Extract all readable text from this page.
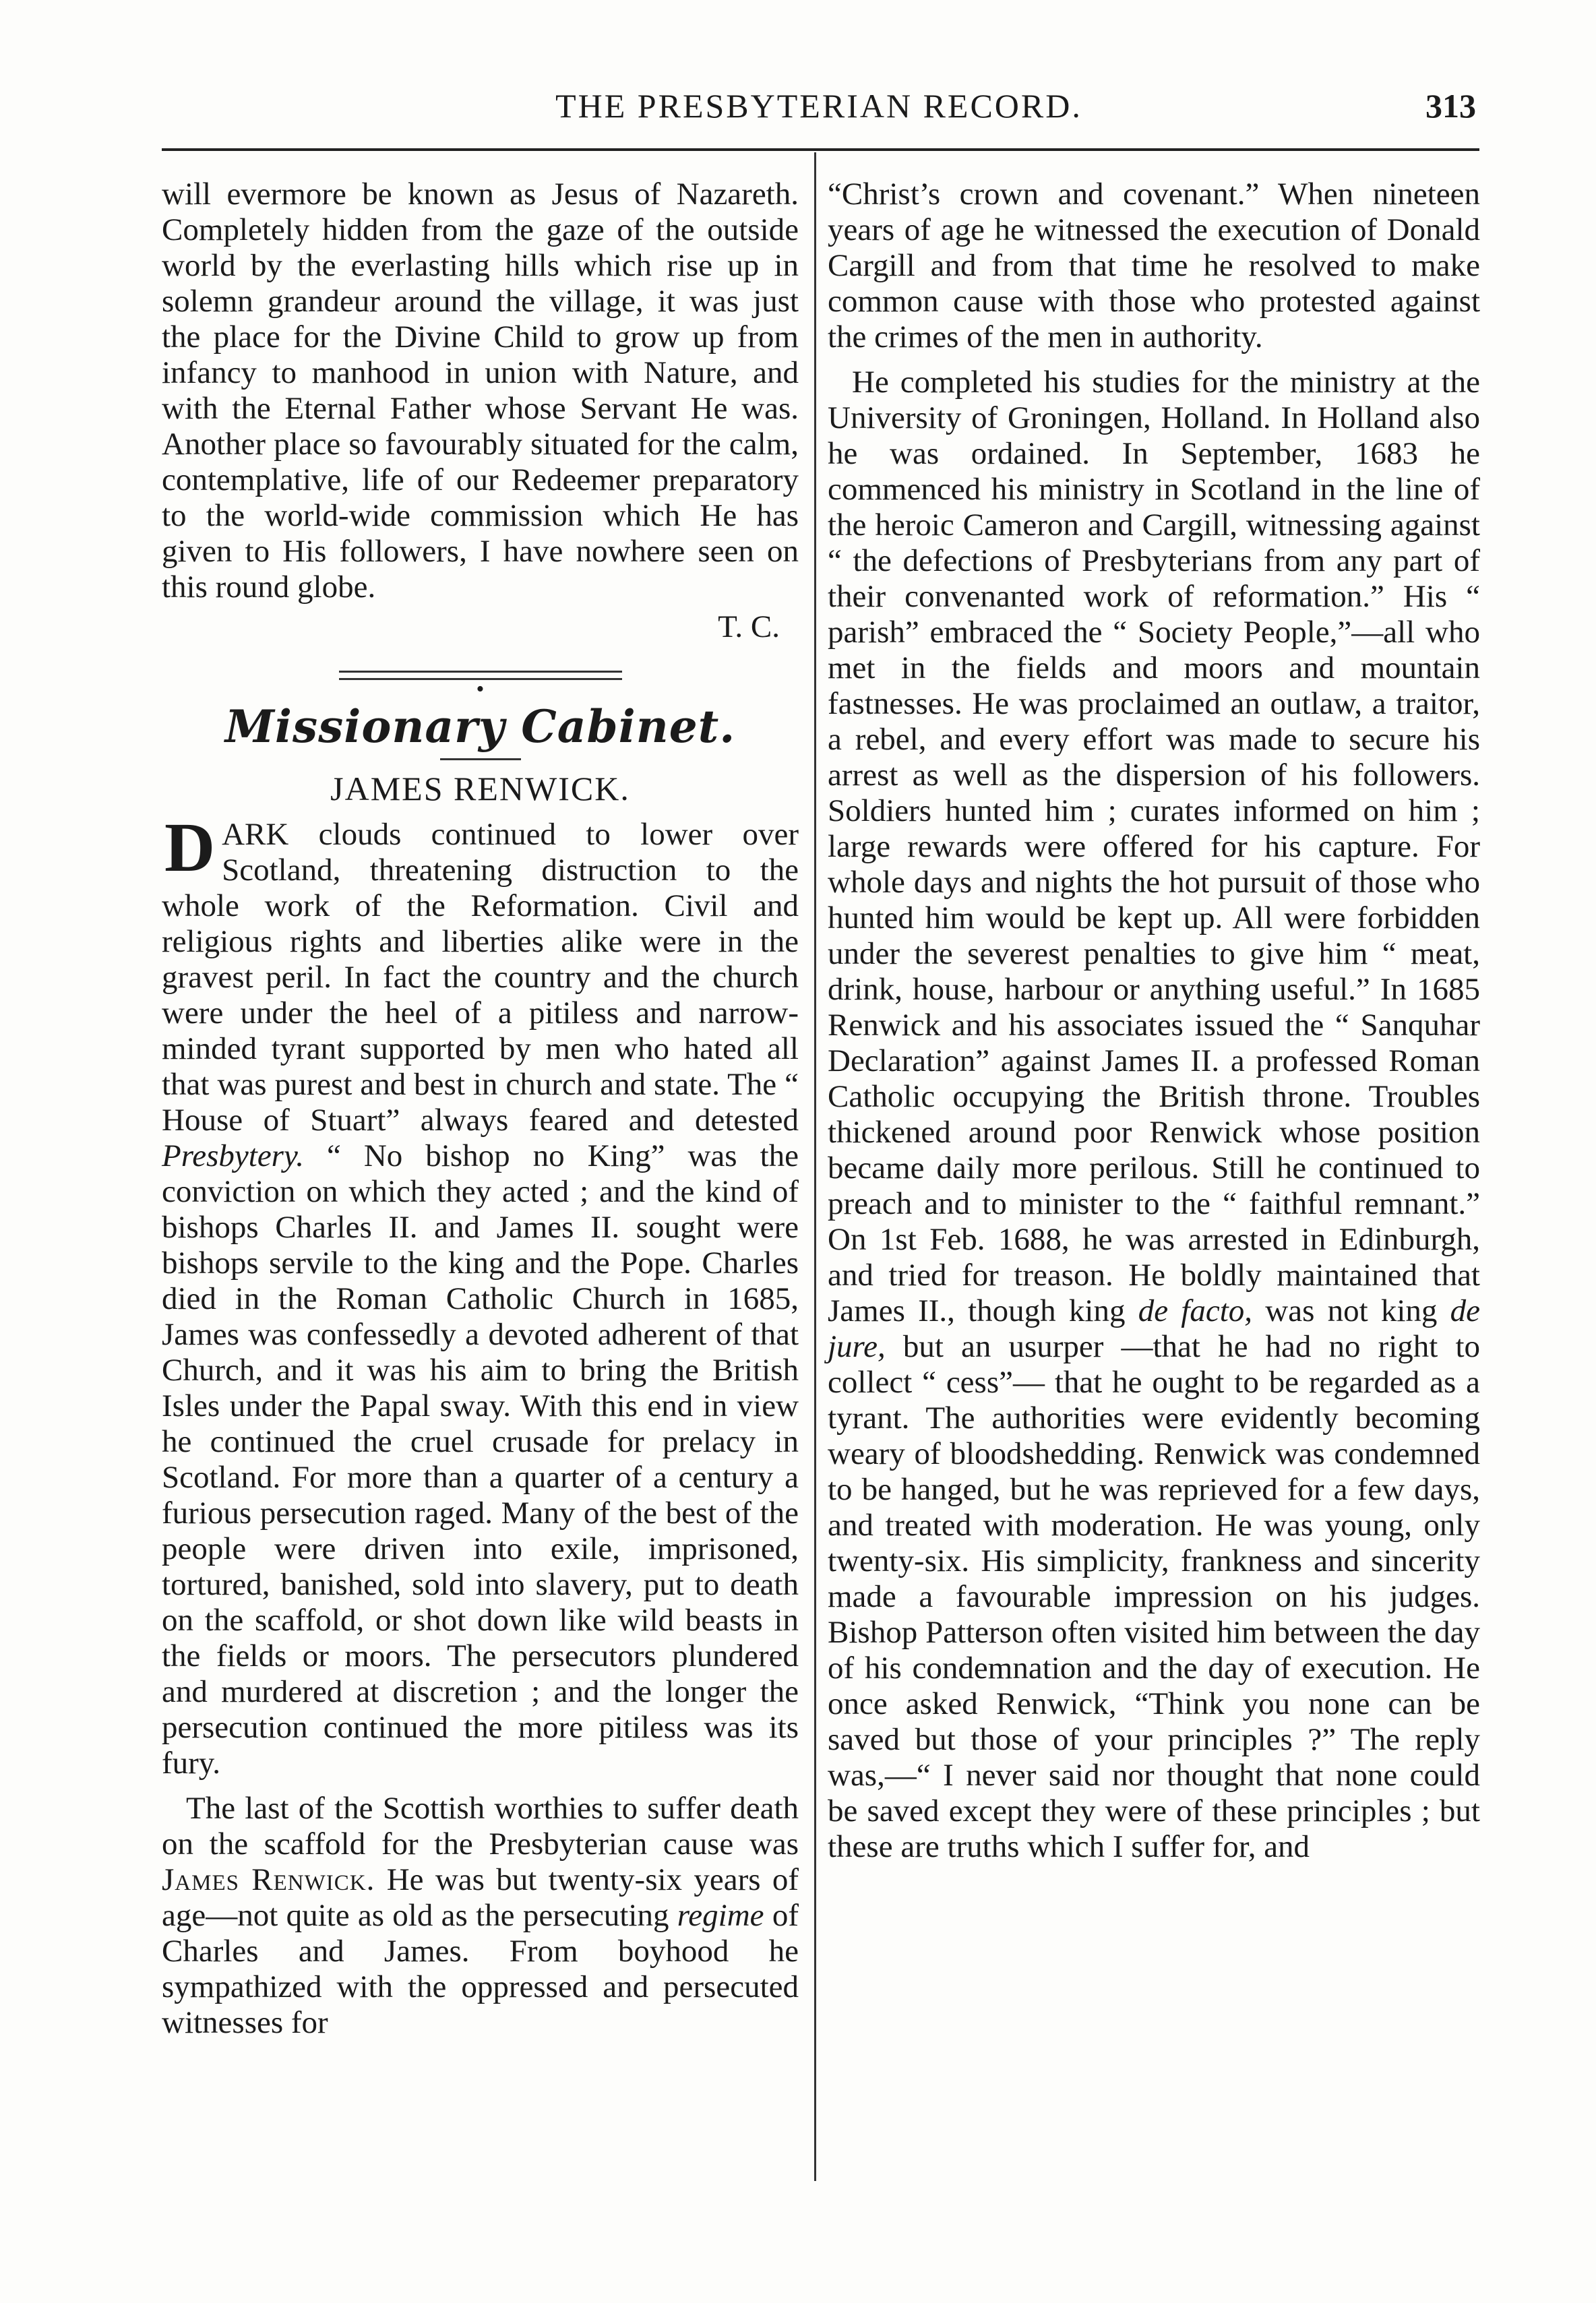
THE PRESBYTERIAN RECORD.	313

will evermore be known as Jesus of Nazareth. Completely hidden from the gaze of the outside world by the everlasting hills which rise up in solemn grandeur around the village, it was just the place for the Divine Child to grow up from infancy to manhood in union with Nature, and with the Eternal Father whose Servant He was. Another place so favourably situated for the calm, contemplative, life of our Redeemer preparatory to the world-wide commission which He has given to His followers, I have nowhere seen on this round globe.

T. C.
•
Missionary Cabinet.
JAMES RENWICK.

DARK clouds continued to lower over Scotland, threatening distruction to the whole work of the Reformation. Civil and religious rights and liberties alike were in the gravest peril. In fact the country and the church were under the heel of a pitiless and narrow-minded tyrant supported by men who hated all that was purest and best in church and state. The “ House of Stuart” always feared and detested Presbytery. “ No bishop no King” was the conviction on which they acted ; and the kind of bishops Charles II. and James II. sought were bishops servile to the king and the Pope. Charles died in the Roman Catholic Church in 1685, James was confessedly a devoted adherent of that Church, and it was his aim to bring the British Isles under the Papal sway. With this end in view he continued the cruel crusade for prelacy in Scotland. For more than a quarter of a century a furious persecution raged. Many of the best of the people were driven into exile, imprisoned, tortured, banished, sold into slavery, put to death on the scaffold, or shot down like wild beasts in the fields or moors. The persecutors plundered and murdered at discretion ; and the longer the persecution continued the more pitiless was its fury.

The last of the Scottish worthies to suffer death on the scaffold for the Presbyterian cause was James Renwick. He was but twenty-six years of age—not quite as old as the persecuting regime of Charles and James. From boyhood he sympathized with the oppressed and persecuted witnesses for

“Christ’s crown and covenant.” When nineteen years of age he witnessed the execution of Donald Cargill and from that time he resolved to make common cause with those who protested against the crimes of the men in authority.

He completed his studies for the ministry at the University of Groningen, Holland. In Holland also he was ordained. In September, 1683 he commenced his ministry in Scotland in the line of the heroic Cameron and Cargill, witnessing against “ the defections of Presbyterians from any part of their convenanted work of reformation.” His “ parish” embraced the “ Society People,”—all who met in the fields and moors and mountain fastnesses. He was proclaimed an outlaw, a traitor, a rebel, and every effort was made to secure his arrest as well as the dispersion of his followers. Soldiers hunted him ; curates informed on him ; large rewards were offered for his capture. For whole days and nights the hot pursuit of those who hunted him would be kept up. All were forbidden under the severest penalties to give him “ meat, drink, house, harbour or anything useful.” In 1685 Renwick and his associates issued the “ Sanquhar Declaration” against James II. a professed Roman Catholic occupying the British throne. Troubles thickened around poor Renwick whose position became daily more perilous. Still he continued to preach and to minister to the “ faithful remnant.” On 1st Feb. 1688, he was arrested in Edinburgh, and tried for treason. He boldly maintained that James II., though king de facto, was not king de jure, but an usurper —that he had no right to collect “ cess”— that he ought to be regarded as a tyrant. The authorities were evidently becoming weary of bloodshedding. Renwick was condemned to be hanged, but he was reprieved for a few days, and treated with moderation. He was young, only twenty-six. His simplicity, frankness and sincerity made a favourable impression on his judges. Bishop Patterson often visited him between the day of his condemnation and the day of execution. He once asked Renwick, “Think you none can be saved but those of your principles ?” The reply was,—“ I never said nor thought that none could be saved except they were of these principles ; but these are truths which I suffer for, and
